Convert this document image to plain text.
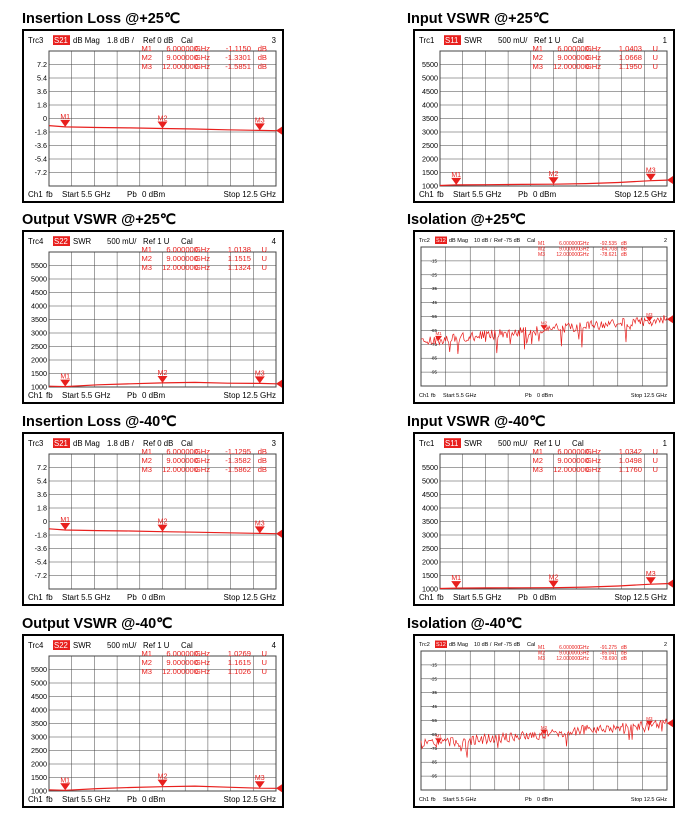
Insertion Loss @+25℃	Input VSWR @+25℃
Output VSWR @+25℃	Isolation @+25℃
Insertion Loss @-40℃	Input VSWR @-40℃
Output VSWR @-40℃	Isolation @-40℃
Trc3 S21 dB Mag 1.8 dB / Ref 0 dB Cal	3
7.2
5.4
3.6
1.8
0
-1.8
-3.6
-5.4
-7.2
M1 6.000000
GHz -1.1150 dB
M2 9.000000
GHz -1.3301 dB
M3 12.000000
GHz -1.5851 dB
M1	M2	M3
Ch1 fb Start 5.5 GHz Pb 0 dBm	Stop 12.5 GHz
Trc1 S11 SWR 500 mU/ Ref 1 U Cal	1
5500
5000
4500
4000
3500
3000
2500
2000
1500
1000
M1 6.000000
GHz 1.0403 U
M2 9.000000
GHz 1.0668 U
M3 12.000000
GHz 1.1950 U
M1	M2	M3
Ch1 fb Start 5.5 GHz Pb 0 dBm	Stop 12.5 GHz
Trc4 S22 SWR 500 mU/ Ref 1 U Cal	4
5500
5000
4500
4000
3500
3000
2500
2000
1500
1000
M1 6.000000
GHz 1.0138 U
M2 9.000000
GHz 1.1515 U
M3 12.000000
GHz 1.1324 U
M1
M2	M3
Ch1 fb Start 5.5 GHz Pb 0 dBm	Stop 12.5 GHz
Trc2 S12 dB Mag 10 dB / Ref -75 dB Cal	2
-15
-25
-35
-45
-55
-65
-75
-85
-95
M1	6.000000 GHz -92.535 dB
M2	9.000000 GHz -84.708 dB
M3 12.000000 GHz -78.621 dB
M1
M2
M3
Ch1 fb Start 5.5 GHz	Pb 0 dBm	Stop 12.5 GHz
Trc3 S21 dB Mag 1.8 dB / Ref 0 dB Cal	3
7.2
5.4
3.6
1.8
0
-1.8
-3.6
-5.4
-7.2
M1 6.000000
GHz -1.1295 dB
M2 9.000000
GHz -1.3582 dB
M3 12.000000
GHz -1.5862 dB
M1	M2	M3
Ch1 fb Start 5.5 GHz Pb 0 dBm	Stop 12.5 GHz
Trc1 S11 SWR 500 mU/ Ref 1 U Cal	1
5500
5000
4500
4000
3500
3000
2500
2000
1500
1000
M1 6.000000
GHz 1.0342 U
M2 9.000000
GHz 1.0498 U
M3 12.000000
GHz 1.1760 U
M1	M2	M3
Ch1 fb Start 5.5 GHz Pb 0 dBm	Stop 12.5 GHz
Trc4 S22 SWR 500 mU/ Ref 1 U Cal	4
5500
5000
4500
4000
3500
3000
2500
2000
1500
1000
M1 6.000000
GHz 1.0269 U
M2 9.000000
GHz 1.1615 U
M3 12.000000
GHz 1.1026 U
M1
M2	M3
Ch1 fb Start 5.5 GHz Pb 0 dBm	Stop 12.5 GHz
Trc2 S12 dB Mag 10 dB / Ref -75 dB Cal	2
-15
-25
-35
-45
-55
-65
-75
-85
-95
M1	6.000000 GHz -91.275 dB
M2	9.000000 GHz -85.041 dB
M3 12.000000 GHz -78.690 dB
M1
M2
M3
Ch1 fb Start 5.5 GHz	Pb 0 dBm	Stop 12.5 GHz
